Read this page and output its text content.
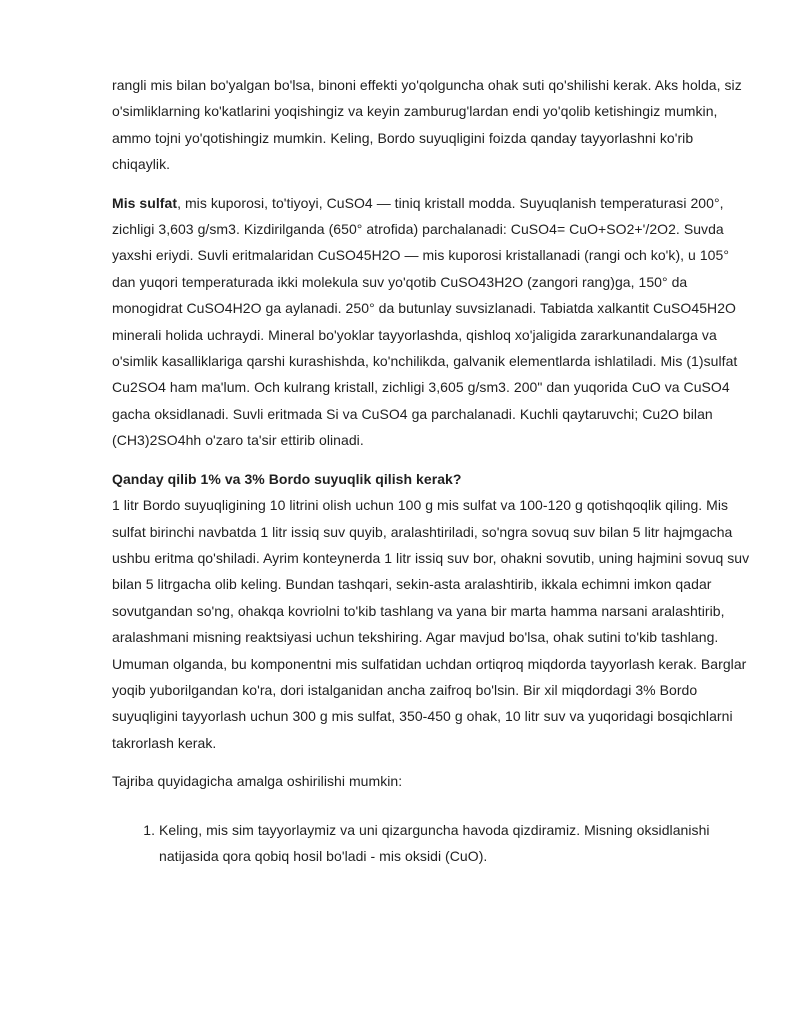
rangli mis bilan bo'yalgan bo'lsa, binoni effekti yo'qolguncha ohak suti qo'shilishi kerak. Aks holda, siz o'simliklarning ko'katlarini yoqishingiz va keyin zamburug'lardan endi yo'qolib ketishingiz mumkin, ammo tojni yo'qotishingiz mumkin. Keling, Bordo suyuqligini foizda qanday tayyorlashni ko'rib chiqaylik.

Mis sulfat, mis kuporosi, to'tiyoyi, CuSO4 — tiniq kristall modda. Suyuqlanish temperaturasi 200°, zichligi 3,603 g/sm3. Kizdirilganda (650° atrofida) parchalanadi: CuSO4= CuO+SO2+'/2O2. Suvda yaxshi eriydi. Suvli eritmalaridan CuSO45H2O — mis kuporosi kristallanadi (rangi och ko'k), u 105° dan yuqori temperaturada ikki molekula suv yo'qotib CuSO43H2O (zangori rang)ga, 150° da monogidrat CuSO4H2O ga aylanadi. 250° da butunlay suvsizlanadi. Tabiatda xalkantit CuSO45H2O minerali holida uchraydi. Mineral bo'yoklar tayyorlashda, qishloq xo'jaligida zararkunandalarga va o'simlik kasalliklariga qarshi kurashishda, ko'nchilikda, galvanik elementlarda ishlatiladi. Mis (1)sulfat Cu2SO4 ham ma'lum. Och kulrang kristall, zichligi 3,605 g/sm3. 200" dan yuqorida CuO va CuSO4 gacha oksidlanadi. Suvli eritmada Si va CuSO4 ga parchalanadi. Kuchli qaytaruvchi; Cu2O bilan (CH3)2SO4hh o'zaro ta'sir ettirib olinadi.

Qanday qilib 1% va 3% Bordo suyuqlik qilish kerak?

1 litr Bordo suyuqligining 10 litrini olish uchun 100 g mis sulfat va 100-120 g qotishqoqlik qiling. Mis sulfat birinchi navbatda 1 litr issiq suv quyib, aralashtiriladi, so'ngra sovuq suv bilan 5 litr hajmgacha ushbu eritma qo'shiladi. Ayrim konteynerda 1 litr issiq suv bor, ohakni sovutib, uning hajmini sovuq suv bilan 5 litrgacha olib keling. Bundan tashqari, sekin-asta aralashtirib, ikkala echimni imkon qadar sovutgandan so'ng, ohakqa kovriolni to'kib tashlang va yana bir marta hamma narsani aralashtirib, aralashmani misning reaktsiyasi uchun tekshiring. Agar mavjud bo'lsa, ohak sutini to'kib tashlang. Umuman olganda, bu komponentni mis sulfatidan uchdan ortiqroq miqdorda tayyorlash kerak. Barglar yoqib yuborilgandan ko'ra, dori istalganidan ancha zaifroq bo'lsin. Bir xil miqdordagi 3% Bordo suyuqligini tayyorlash uchun 300 g mis sulfat, 350-450 g ohak, 10 litr suv va yuqoridagi bosqichlarni takrorlash kerak.

Tajriba quyidagicha amalga oshirilishi mumkin:

1. Keling, mis sim tayyorlaymiz va uni qizarguncha havoda qizdiramiz. Misning oksidlanishi natijasida qora qobiq hosil bo'ladi - mis oksidi (CuO).
